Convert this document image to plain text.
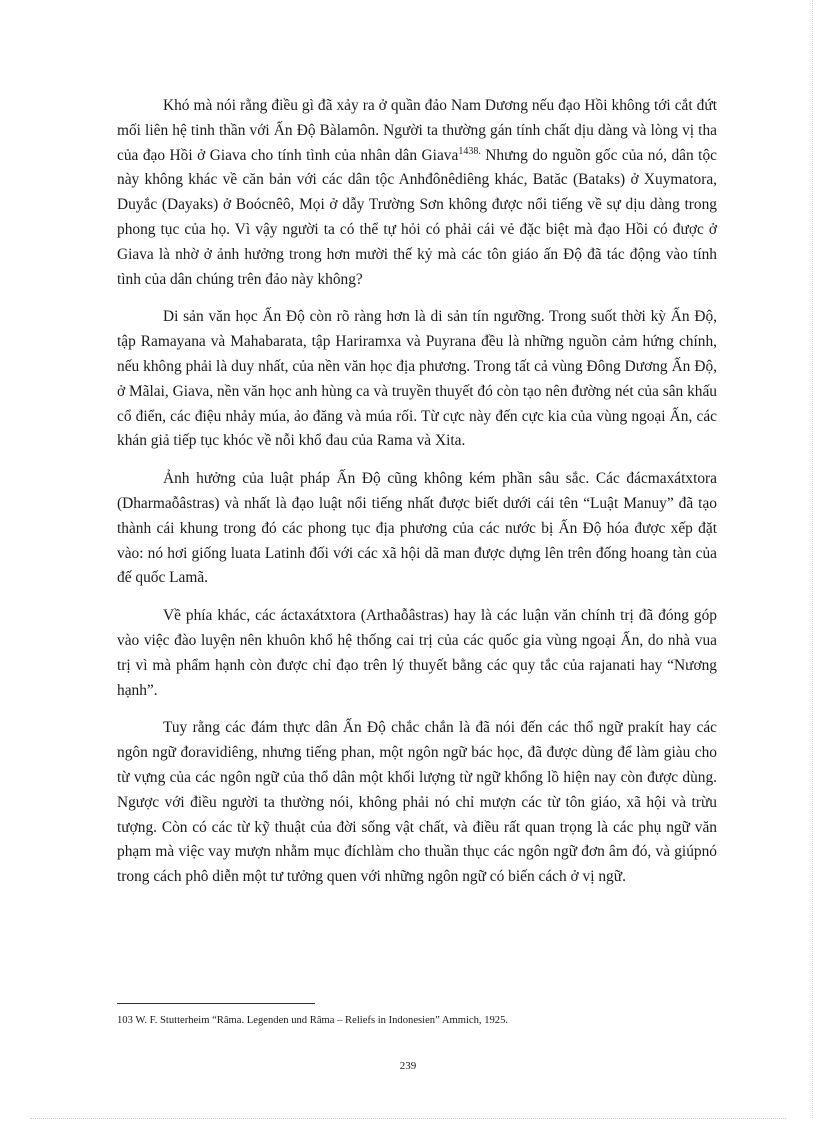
Khó mà nói rằng điều gì đã xảy ra ở quần đảo Nam Dương nếu đạo Hồi không tới cắt đứt mối liên hệ tinh thần với Ấn Độ Bàlamôn. Người ta thường gán tính chất dịu dàng và lòng vị tha của đạo Hồi ở Giava cho tính tình của nhân dân Giava$^{1438.}$ Nhưng do nguồn gốc của nó, dân tộc này không khác về căn bản với các dân tộc Anhđônêdiêng khác, Batăc (Bataks) ở Xuymatora, Duyắc (Dayaks) ở Boócnêô, Mọi ở dẫy Trường Sơn không được nổi tiếng về sự dịu dàng trong phong tục của họ. Vì vậy người ta có thể tự hỏi có phải cái vẻ đặc biệt mà đạo Hồi có được ở Giava là nhờ ở ảnh hưởng trong hơn mười thế kỷ mà các tôn giáo ấn Độ đã tác động vào tính tình của dân chúng trên đảo này không?

Di sản văn học Ấn Độ còn rõ ràng hơn là di sản tín ngưỡng. Trong suốt thời kỳ Ấn Độ, tập Ramayana và Mahabarata, tập Hariramxa và Puyrana đều là những nguồn cảm hứng chính, nếu không phải là duy nhất, của nền văn học địa phương. Trong tất cả vùng Đông Dương Ấn Độ, ở Mãlai, Giava, nền văn học anh hùng ca và truyền thuyết đó còn tạo nên đường nét của sân khấu cổ điển, các điệu nhảy múa, ảo đăng và múa rối. Từ cực này đến cực kia của vùng ngoại Ấn, các khán giả tiếp tục khóc về nỗi khổ đau của Rama và Xita.

Ảnh hưởng của luật pháp Ấn Độ cũng không kém phần sâu sắc. Các đácmaxátxtora (Dharmaỗâstras) và nhất là đạo luật nổi tiếng nhất được biết dưới cái tên “Luật Manuy” đã tạo thành cái khung trong đó các phong tục địa phương của các nước bị Ấn Độ hóa được xếp đặt vào: nó hơi giống luata Latinh đối với các xã hội dã man được dựng lên trên đống hoang tàn của đế quốc Lamã.

Về phía khác, các áctaxátxtora (Arthaỗâstras) hay là các luận văn chính trị đã đóng góp vào việc đào luyện nên khuôn khổ hệ thống cai trị của các quốc gia vùng ngoại Ấn, do nhà vua trị vì mà phẩm hạnh còn được chỉ đạo trên lý thuyết bằng các quy tắc của rajanati hay “Nương hạnh”.

Tuy rằng các đám thực dân Ấn Độ chắc chắn là đã nói đến các thổ ngữ prakít hay các ngôn ngữ đoravidiêng, nhưng tiếng phan, một ngôn ngữ bác học, đã được dùng để làm giàu cho từ vựng của các ngôn ngữ của thổ dân một khối lượng từ ngữ khổng lồ hiện nay còn được dùng. Ngược với điều người ta thường nói, không phải nó chỉ mượn các từ tôn giáo, xã hội và trừu tượng. Còn có các từ kỹ thuật của đời sống vật chất, và điều rất quan trọng là các phụ ngữ văn phạm mà việc vay mượn nhằm mục đíchlàm cho thuần thục các ngôn ngữ đơn âm đó, và giúpnó trong cách phô diễn một tư tưởng quen với những ngôn ngữ có biến cách ở vị ngữ.

103 W. F. Stutterheim “Râma. Legenden und Râma – Reliefs in Indonesien” Ammich, 1925.
239
